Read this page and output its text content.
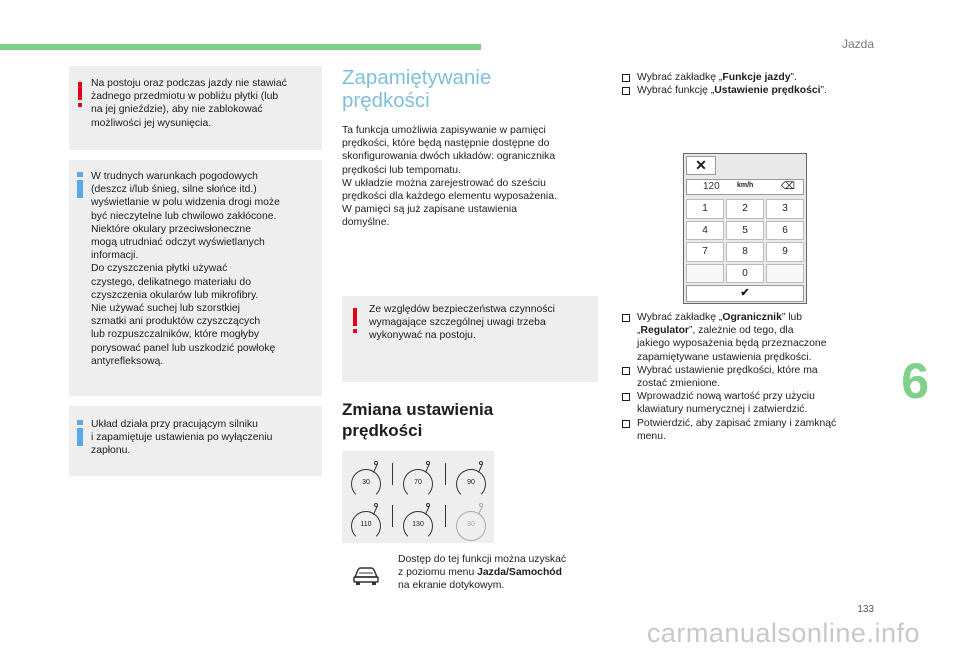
Jazda

Na postoju oraz podczas jazdy nie stawiać
żadnego przedmiotu w pobliżu płytki (lub
na jej gnieździe), aby nie zablokować
możliwości jej wysunięcia.

W trudnych warunkach pogodowych
(deszcz i/lub śnieg, silne słońce itd.)
wyświetlanie w polu widzenia drogi może
być nieczytelne lub chwilowo zakłócone.
Niektóre okulary przeciwsłoneczne
mogą utrudniać odczyt wyświetlanych
informacji.
Do czyszczenia płytki używać
czystego, delikatnego materiału do
czyszczenia okularów lub mikrofibry.
Nie używać suchej lub szorstkiej
szmatki ani produktów czyszczących
lub rozpuszczalników, które mogłyby
porysować panel lub uszkodzić powłokę
antyrefleksową.

Układ działa przy pracującym silniku
i zapamiętuje ustawienia po wyłączeniu
zapłonu.

Zapamiętywanie
prędkości
Ta funkcja umożliwia zapisywanie w pamięci
prędkości, które będą następnie dostępne do
skonfigurowania dwóch układów: ogranicznika
prędkości lub tempomatu.
W układzie można zarejestrować do sześciu
prędkości dla każdego elementu wyposażenia.
W pamięci są już zapisane ustawienia
domyślne.

Ze względów bezpieczeństwa czynności
wymagające szczególnej uwagi trzeba
wykonywać na postoju.

Zmiana ustawienia
prędkości
30	70	90
110	130	30
Dostęp do tej funkcji można uzyskać
z poziomu menu Jazda/Samochód
na ekranie dotykowym.
Wybrać zakładkę „Funkcje jazdy”.
Wybrać funkcję „Ustawienie prędkości”.
✕
120 km/h	⌫
1	2	3
4	5	6
7	8	9
0
✔
Wybrać zakładkę „Ogranicznik” lub
„Regulator”, zależnie od tego, dla
jakiego wyposażenia będą przeznaczone
zapamiętywane ustawienia prędkości.
Wybrać ustawienie prędkości, które ma
zostać zmienione.
Wprowadzić nową wartość przy użyciu
klawiatury numerycznej i zatwierdzić.
Potwierdzić, aby zapisać zmiany i zamknąć
menu.
6
133
carmanualsonline.info
